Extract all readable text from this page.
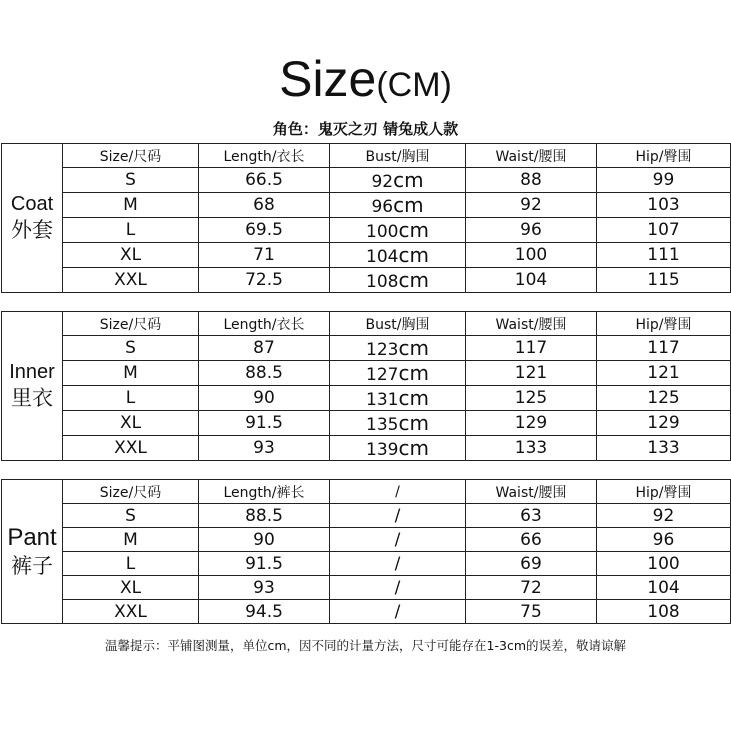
Size(CM)
角色：鬼灭之刃 锖兔成人款
Coat
外套	Size/尺码	Length/衣长	Bust/胸围	Waist/腰围	Hip/臀围
	S	66.5	92cm	88	99
	M	68	96cm	92	103
	L	69.5	100cm	96	107
	XL	71	104cm	100	111
	XXL	72.5	108cm	104	115
Inner
里衣	Size/尺码	Length/衣长	Bust/胸围	Waist/腰围	Hip/臀围
	S	87	123cm	117	117
	M	88.5	127cm	121	121
	L	90	131cm	125	125
	XL	91.5	135cm	129	129
	XXL	93	139cm	133	133
Pant
裤子	Size/尺码	Length/裤长	/	Waist/腰围	Hip/臀围
	S	88.5	/	63	92
	M	90	/	66	96
	L	91.5	/	69	100
	XL	93	/	72	104
	XXL	94.5	/	75	108
温馨提示：平铺图测量，单位cm，因不同的计量方法，尺寸可能存在1-3cm的误差，敬请谅解
